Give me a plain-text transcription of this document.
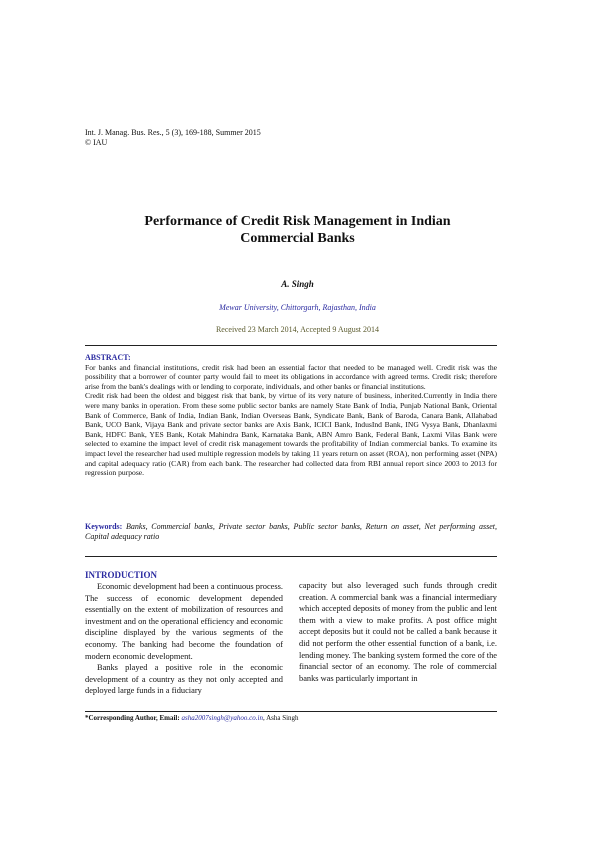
Int. J. Manag. Bus. Res., 5 (3), 169-188, Summer 2015
© IAU
Performance of Credit Risk Management in Indian
Commercial Banks
A. Singh
Mewar University, Chittorgarh, Rajasthan, India
Received 23 March 2014, Accepted 9 August 2014
ABSTRACT:

For banks and financial institutions, credit risk had been an essential factor that needed to be managed well. Credit risk was the possibility that a borrower of counter party would fail to meet its obligations in accordance with agreed terms. Credit risk; therefore arise from the bank's dealings with or lending to corporate, individuals, and other banks or financial institutions.

Credit risk had been the oldest and biggest risk that bank, by virtue of its very nature of business, inherited.Currently in India there were many banks in operation. From these some public sector banks are namely State Bank of India, Punjab National Bank, Oriental Bank of Commerce, Bank of India, Indian Bank, Indian Overseas Bank, Syndicate Bank, Bank of Baroda, Canara Bank, Allahabad Bank, UCO Bank, Vijaya Bank and private sector banks are Axis Bank, ICICI Bank, IndusInd Bank, ING Vysya Bank, Dhanlaxmi Bank, HDFC Bank, YES Bank, Kotak Mahindra Bank, Karnataka Bank, ABN Amro Bank, Federal Bank, Laxmi Vilas Bank were selected to examine the impact level of credit risk management towards the profitability of Indian commercial banks. To examine its impact level the researcher had used multiple regression models by taking 11 years return on asset (ROA), non performing asset (NPA) and capital adequacy ratio (CAR) from each bank. The researcher had collected data from RBI annual report since 2003 to 2013 for regression purpose.

Keywords: Banks, Commercial banks, Private sector banks, Public sector banks, Return on asset, Net performing asset, Capital adequacy ratio
INTRODUCTION

Economic development had been a continuous process. The success of economic development depended essentially on the extent of mobilization of resources and investment and on the operational efficiency and economic discipline displayed by the various segments of the economy. The banking had become the foundation of modern economic development.

Banks played a positive role in the economic development of a country as they not only accepted and deployed large funds in a fiduciary

capacity but also leveraged such funds through credit creation. A commercial bank was a financial intermediary which accepted deposits of money from the public and lent them with a view to make profits. A post office might accept deposits but it could not be called a bank because it did not perform the other essential function of a bank, i.e. lending money. The banking system formed the core of the financial sector of an economy. The role of commercial banks was particularly important in

*Corresponding Author, Email: asha2007singh@yahoo.co.in, Asha Singh
